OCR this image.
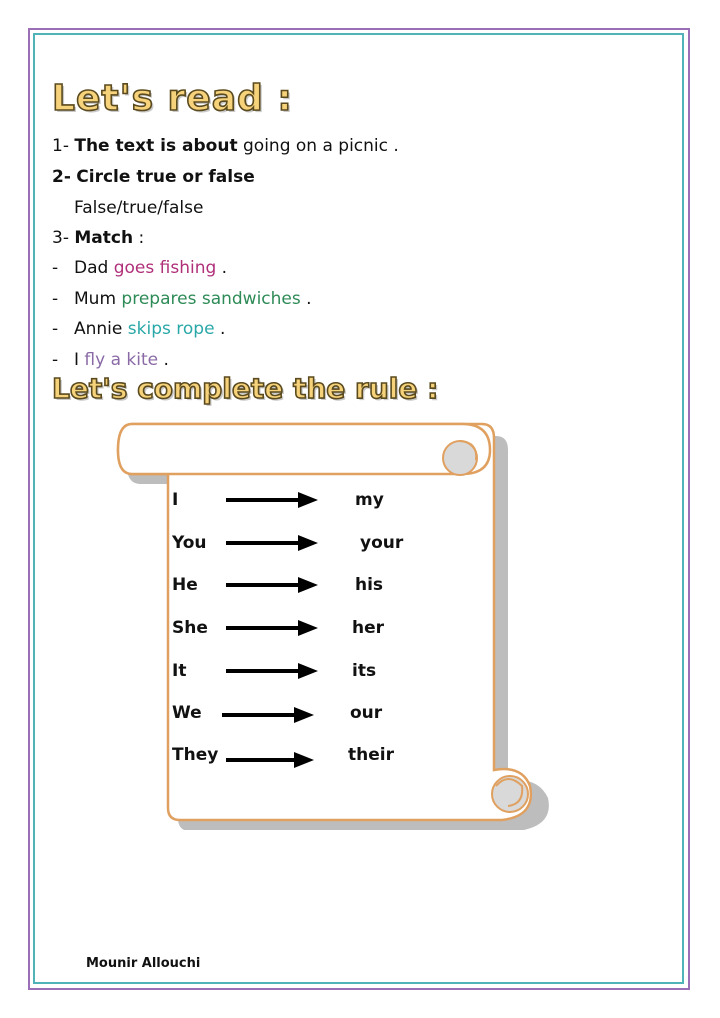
Let's read :
1- The text is about going on a picnic .
2- Circle true or false
False/true/false
3- Match :
- Dad goes fishing .
- Mum prepares sandwiches .
- Annie skips rope .
- I fly a kite .
Let's complete the rule :
I	my
You	your
He	his
She	her
It	its
We	our
They	their
Mounir Allouchi
